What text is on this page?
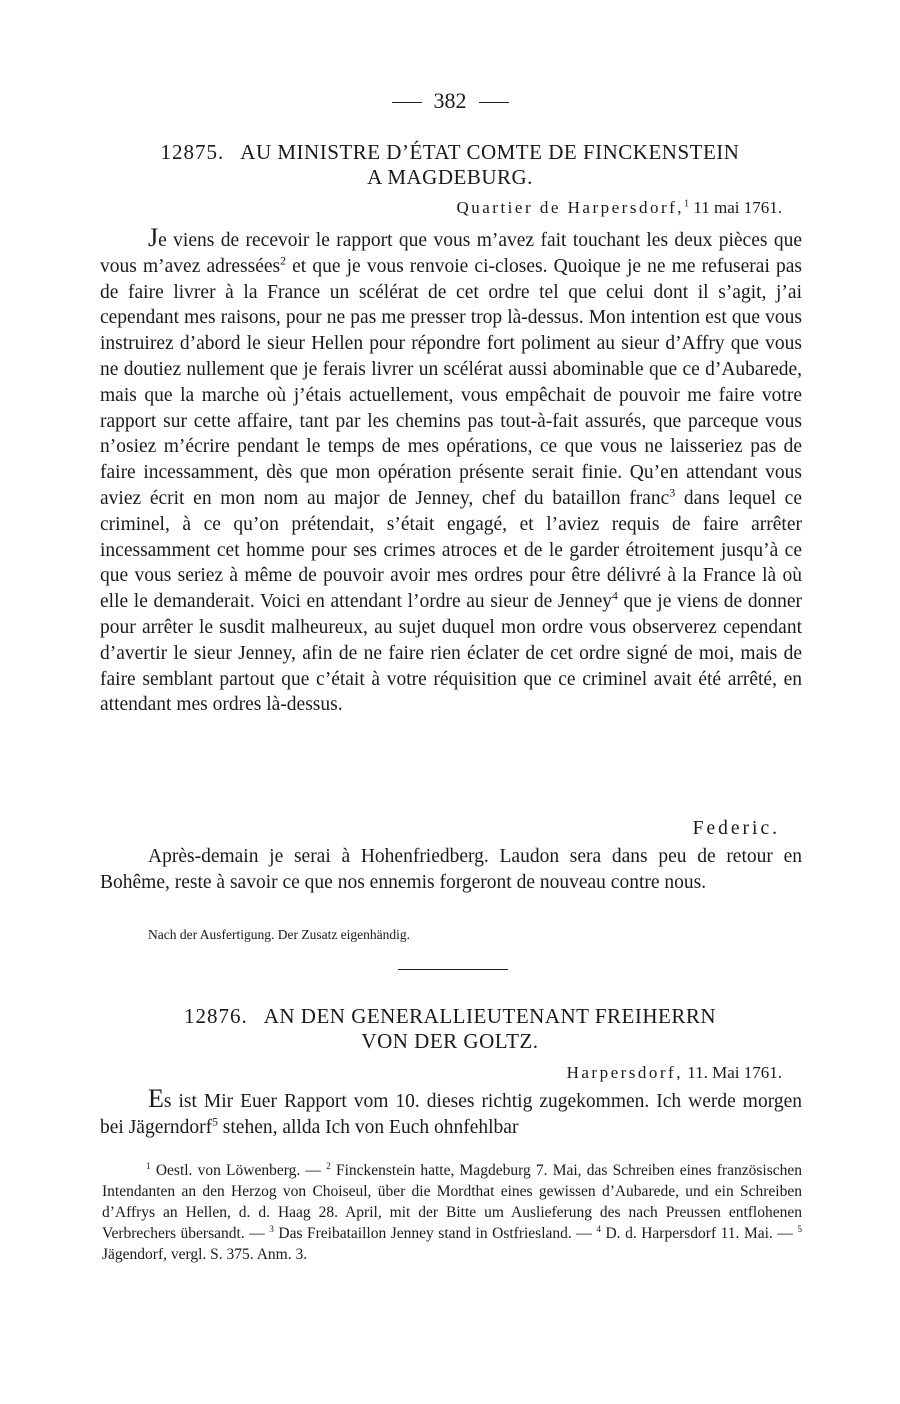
382
12875. AU MINISTRE D’ÉTAT COMTE DE FINCKENSTEIN
A MAGDEBURG.
Quartier de Harpersdorf,$^1$ 11 mai 1761.

Je viens de recevoir le rapport que vous m’avez fait touchant les deux pièces que vous m’avez adressées$^2$ et que je vous renvoie ci-closes. Quoique je ne me refuserai pas de faire livrer à la France un scélérat de cet ordre tel que celui dont il s’agit, j’ai cependant mes raisons, pour ne pas me presser trop là-dessus. Mon intention est que vous instruirez d’abord le sieur Hellen pour répondre fort poliment au sieur d’Affry que vous ne doutiez nullement que je ferais livrer un scélérat aussi abominable que ce d’Aubarede, mais que la marche où j’étais actuellement, vous empêchait de pouvoir me faire votre rapport sur cette affaire, tant par les chemins pas tout-à-fait assurés, que parceque vous n’osiez m’écrire pendant le temps de mes opérations, ce que vous ne laisseriez pas de faire incessamment, dès que mon opération présente serait finie. Qu’en attendant vous aviez écrit en mon nom au major de Jenney, chef du bataillon franc$^3$ dans lequel ce criminel, à ce qu’on prétendait, s’était engagé, et l’aviez requis de faire arrêter incessamment cet homme pour ses crimes atroces et de le garder étroitement jusqu’à ce que vous seriez à même de pouvoir avoir mes ordres pour être délivré à la France là où elle le demanderait. Voici en attendant l’ordre au sieur de Jenney$^4$ que je viens de donner pour arrêter le susdit malheureux, au sujet duquel mon ordre vous observerez cependant d’avertir le sieur Jenney, afin de ne faire rien éclater de cet ordre signé de moi, mais de faire semblant partout que c’était à votre réquisition que ce criminel avait été arrêté, en attendant mes ordres là-dessus.

Federic.

Après-demain je serai à Hohenfriedberg. Laudon sera dans peu de retour en Bohême, reste à savoir ce que nos ennemis forgeront de nouveau contre nous.

Nach der Ausfertigung. Der Zusatz eigenhändig.
12876. AN DEN GENERALLIEUTENANT FREIHERRN
VON DER GOLTZ.
Harpersdorf, 11. Mai 1761.

Es ist Mir Euer Rapport vom 10. dieses richtig zugekommen. Ich werde morgen bei Jägerndorf$^5$ stehen, allda Ich von Euch ohnfehlbar

$^1$ Oestl. von Löwenberg. — $^2$ Finckenstein hatte, Magdeburg 7. Mai, das Schreiben eines französischen Intendanten an den Herzog von Choiseul, über die Mordthat eines gewissen d’Aubarede, und ein Schreiben d’Affrys an Hellen, d. d. Haag 28. April, mit der Bitte um Auslieferung des nach Preussen entflohenen Verbrechers übersandt. — $^3$ Das Freibataillon Jenney stand in Ostfriesland. — $^4$ D. d. Harpersdorf 11. Mai. — $^5$ Jägendorf, vergl. S. 375. Anm. 3.
